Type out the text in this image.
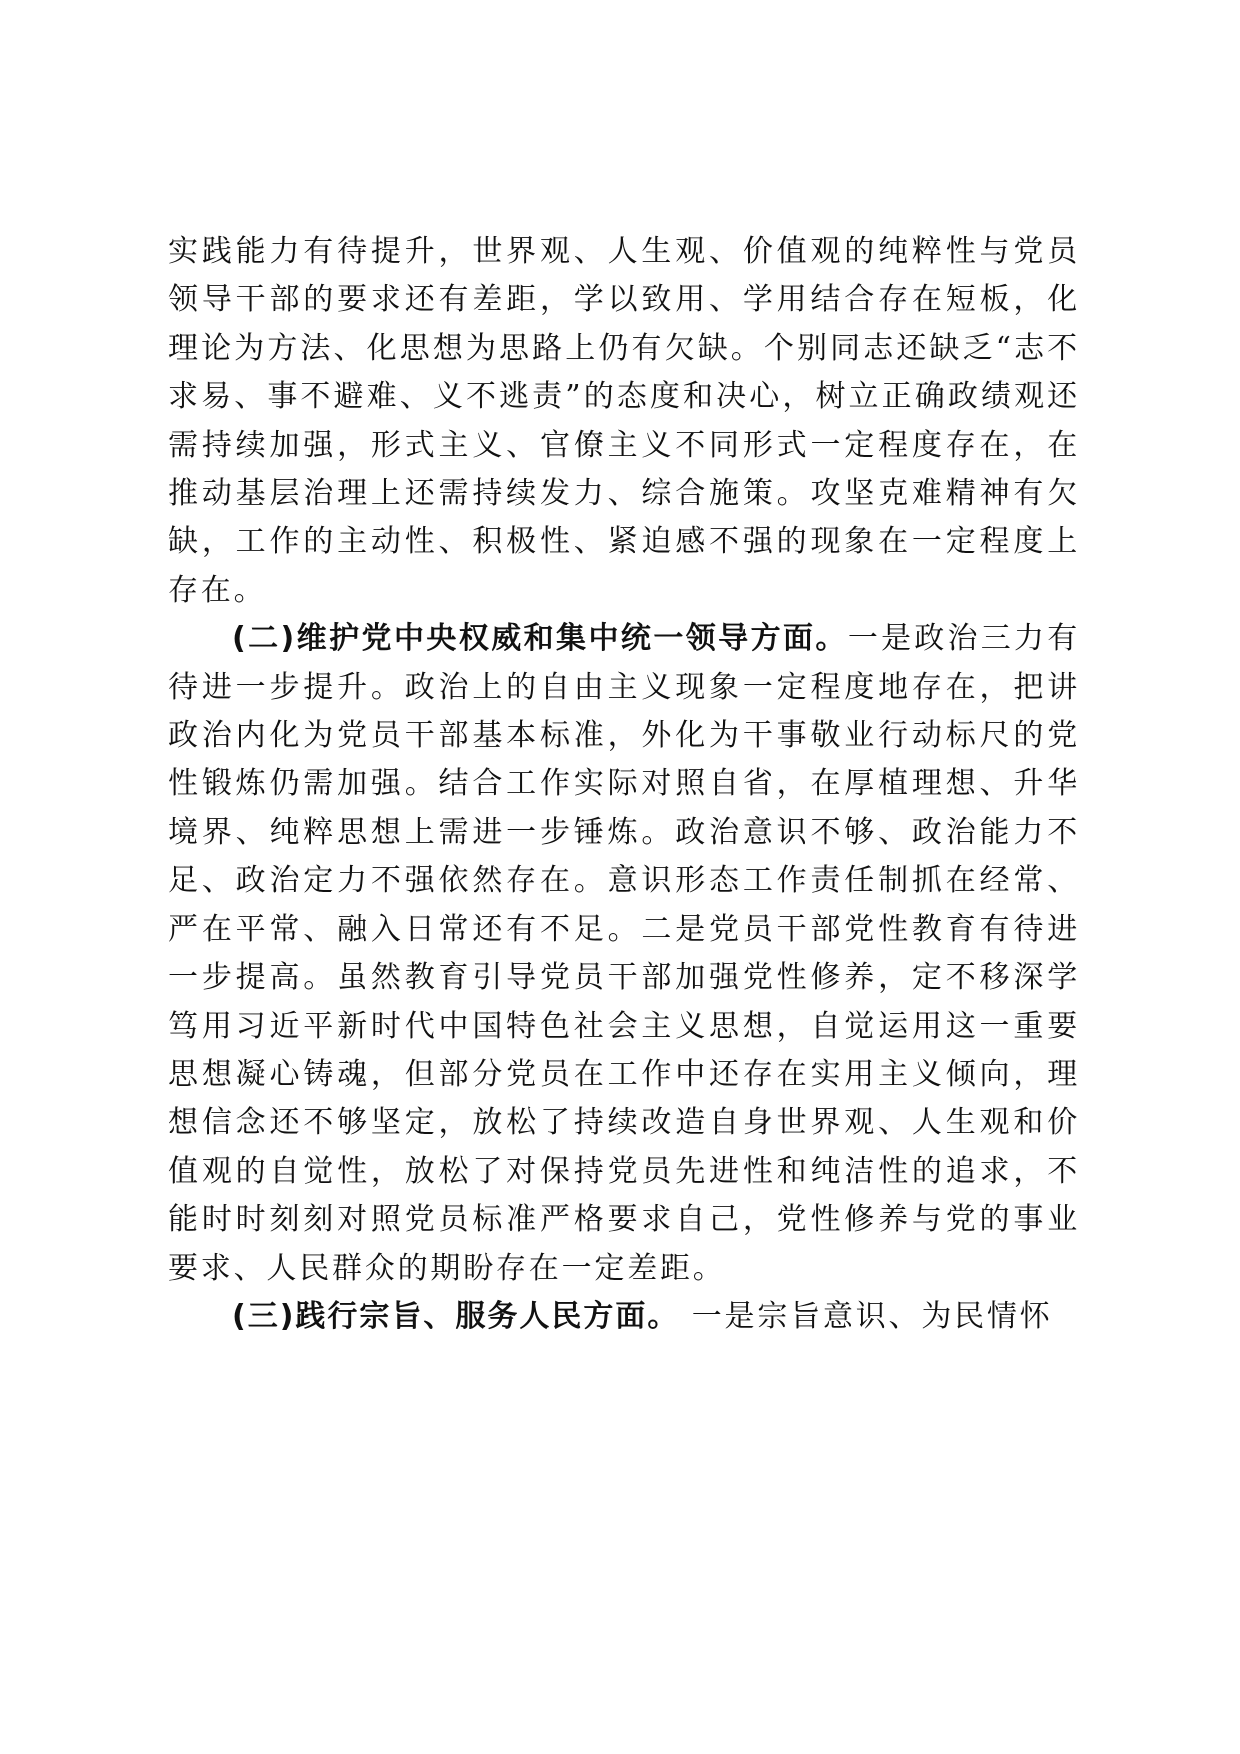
实践能力有待提升，世界观、人生观、价值观的纯粹性与党员领导干部的要求还有差距，学以致用、学用结合存在短板，化理论为方法、化思想为思路上仍有欠缺。个别同志还缺乏“志不求易、事不避难、义不逃责”的态度和决心，树立正确政绩观还需持续加强，形式主义、官僚主义不同形式一定程度存在，在推动基层治理上还需持续发力、综合施策。攻坚克难精神有欠缺，工作的主动性、积极性、紧迫感不强的现象在一定程度上存在。

(二)维护党中央权威和集中统一领导方面。一是政治三力有待进一步提升。政治上的自由主义现象一定程度地存在，把讲政治内化为党员干部基本标准，外化为干事敬业行动标尺的党性锻炼仍需加强。结合工作实际对照自省，在厚植理想、升华境界、纯粹思想上需进一步锤炼。政治意识不够、政治能力不足、政治定力不强依然存在。意识形态工作责任制抓在经常、严在平常、融入日常还有不足。二是党员干部党性教育有待进一步提高。虽然教育引导党员干部加强党性修养，定不移深学笃用习近平新时代中国特色社会主义思想，自觉运用这一重要思想凝心铸魂，但部分党员在工作中还存在实用主义倾向，理想信念还不够坚定，放松了持续改造自身世界观、人生观和价值观的自觉性，放松了对保持党员先进性和纯洁性的追求，不能时时刻刻对照党员标准严格要求自己，党性修养与党的事业要求、人民群众的期盼存在一定差距。

(三)践行宗旨、服务人民方面。 一是宗旨意识、为民情怀
